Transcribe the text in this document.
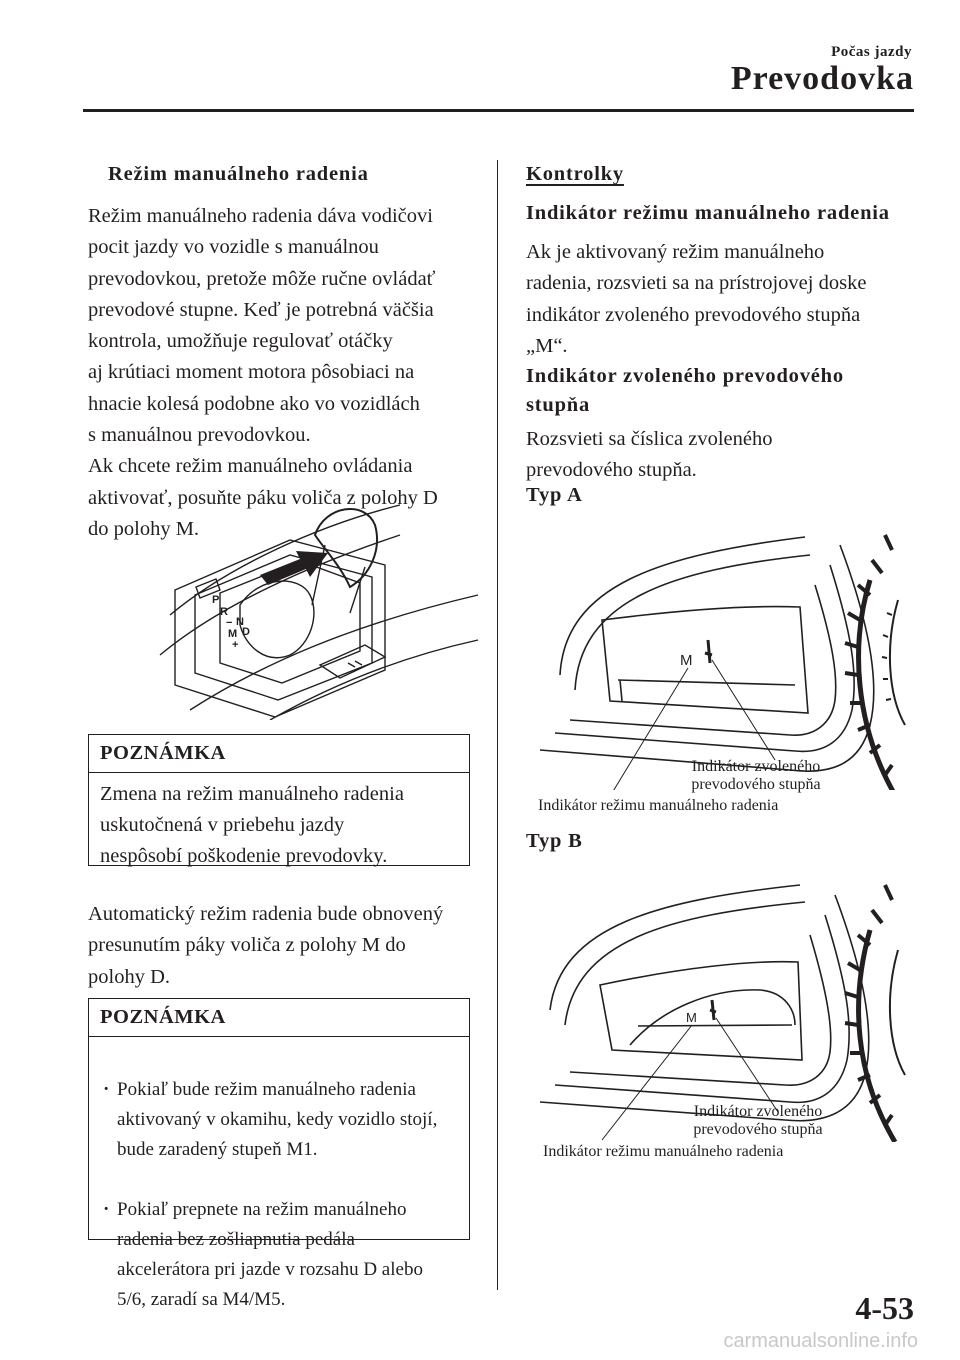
Počas jazdy
Prevodovka
Režim manuálneho radenia

Režim manuálneho radenia dáva vodičovi
pocit jazdy vo vozidle s manuálnou
prevodovkou, pretože môže ručne ovládať
prevodové stupne. Keď je potrebná väčšia
kontrola, umožňuje regulovať otáčky
aj krútiaci moment motora pôsobiaci na
hnacie kolesá podobne ako vo vozidlách
s manuálnou prevodovkou.
Ak chcete režim manuálneho ovládania
aktivovať, posuňte páku voliča z polohy D
do polohy M.

P
R
N
M D
−
+
POZNÁMKA
Zmena na režim manuálneho radenia
uskutočnená v priebehu jazdy
nespôsobí poškodenie prevodovky.

Automatický režim radenia bude obnovený
presunutím páky voliča z polohy M do
polohy D.

POZNÁMKA

· Pokiaľ bude režim manuálneho radenia
aktivovaný v okamihu, kedy vozidlo stojí,
bude zaradený stupeň M1.

· Pokiaľ prepnete na režim manuálneho
radenia bez zošliapnutia pedála
akcelerátora pri jazde v rozsahu D alebo
5/6, zaradí sa M4/M5.

Kontrolky
Indikátor režimu manuálneho radenia

Ak je aktivovaný režim manuálneho
radenia, rozsvieti sa na prístrojovej doske
indikátor zvoleného prevodového stupňa
„M“.

Indikátor zvoleného prevodového
stupňa

Rozsvieti sa číslica zvoleného
prevodového stupňa.

Typ A
M
Indikátor zvoleného
prevodového stupňa
Indikátor režimu manuálneho radenia
Typ B
M
Indikátor zvoleného
prevodového stupňa
Indikátor režimu manuálneho radenia
4-53
carmanualsonline.info
